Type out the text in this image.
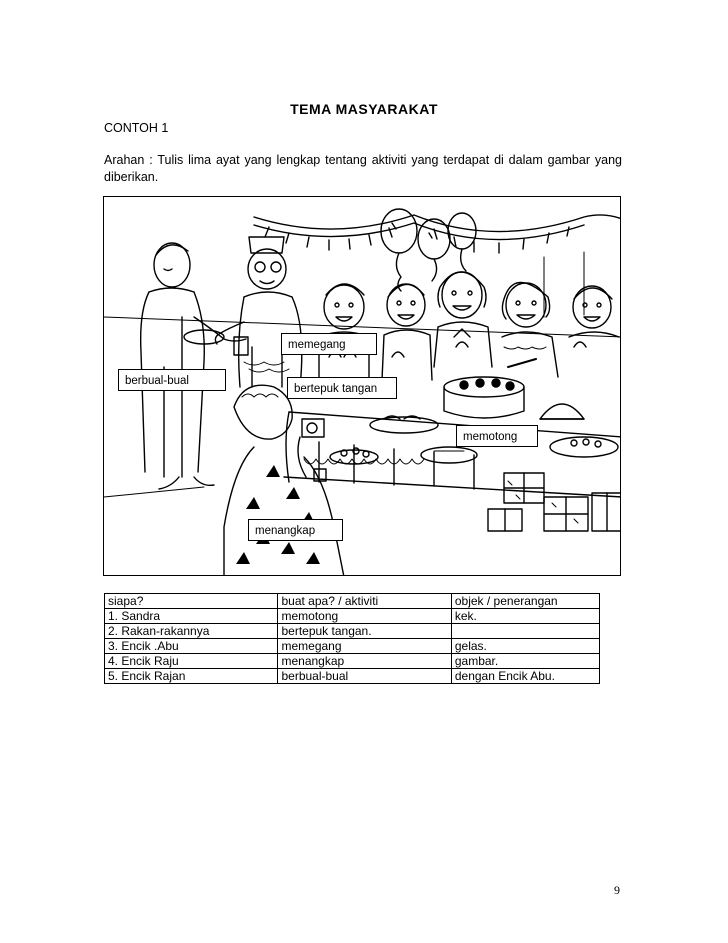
TEMA MASYARAKAT
CONTOH 1
Arahan : Tulis lima ayat yang lengkap tentang aktiviti yang terdapat di dalam gambar yang diberikan.
memegang
berbual-bual
bertepuk tangan
memotong
menangkap
siapa?	buat apa? / aktiviti	objek / penerangan
1. Sandra	memotong	kek.
2. Rakan-rakannya	bertepuk tangan.	
3. Encik .Abu	memegang	gelas.
4. Encik Raju	menangkap	gambar.
5. Encik Rajan	berbual-bual	dengan Encik Abu.
9
